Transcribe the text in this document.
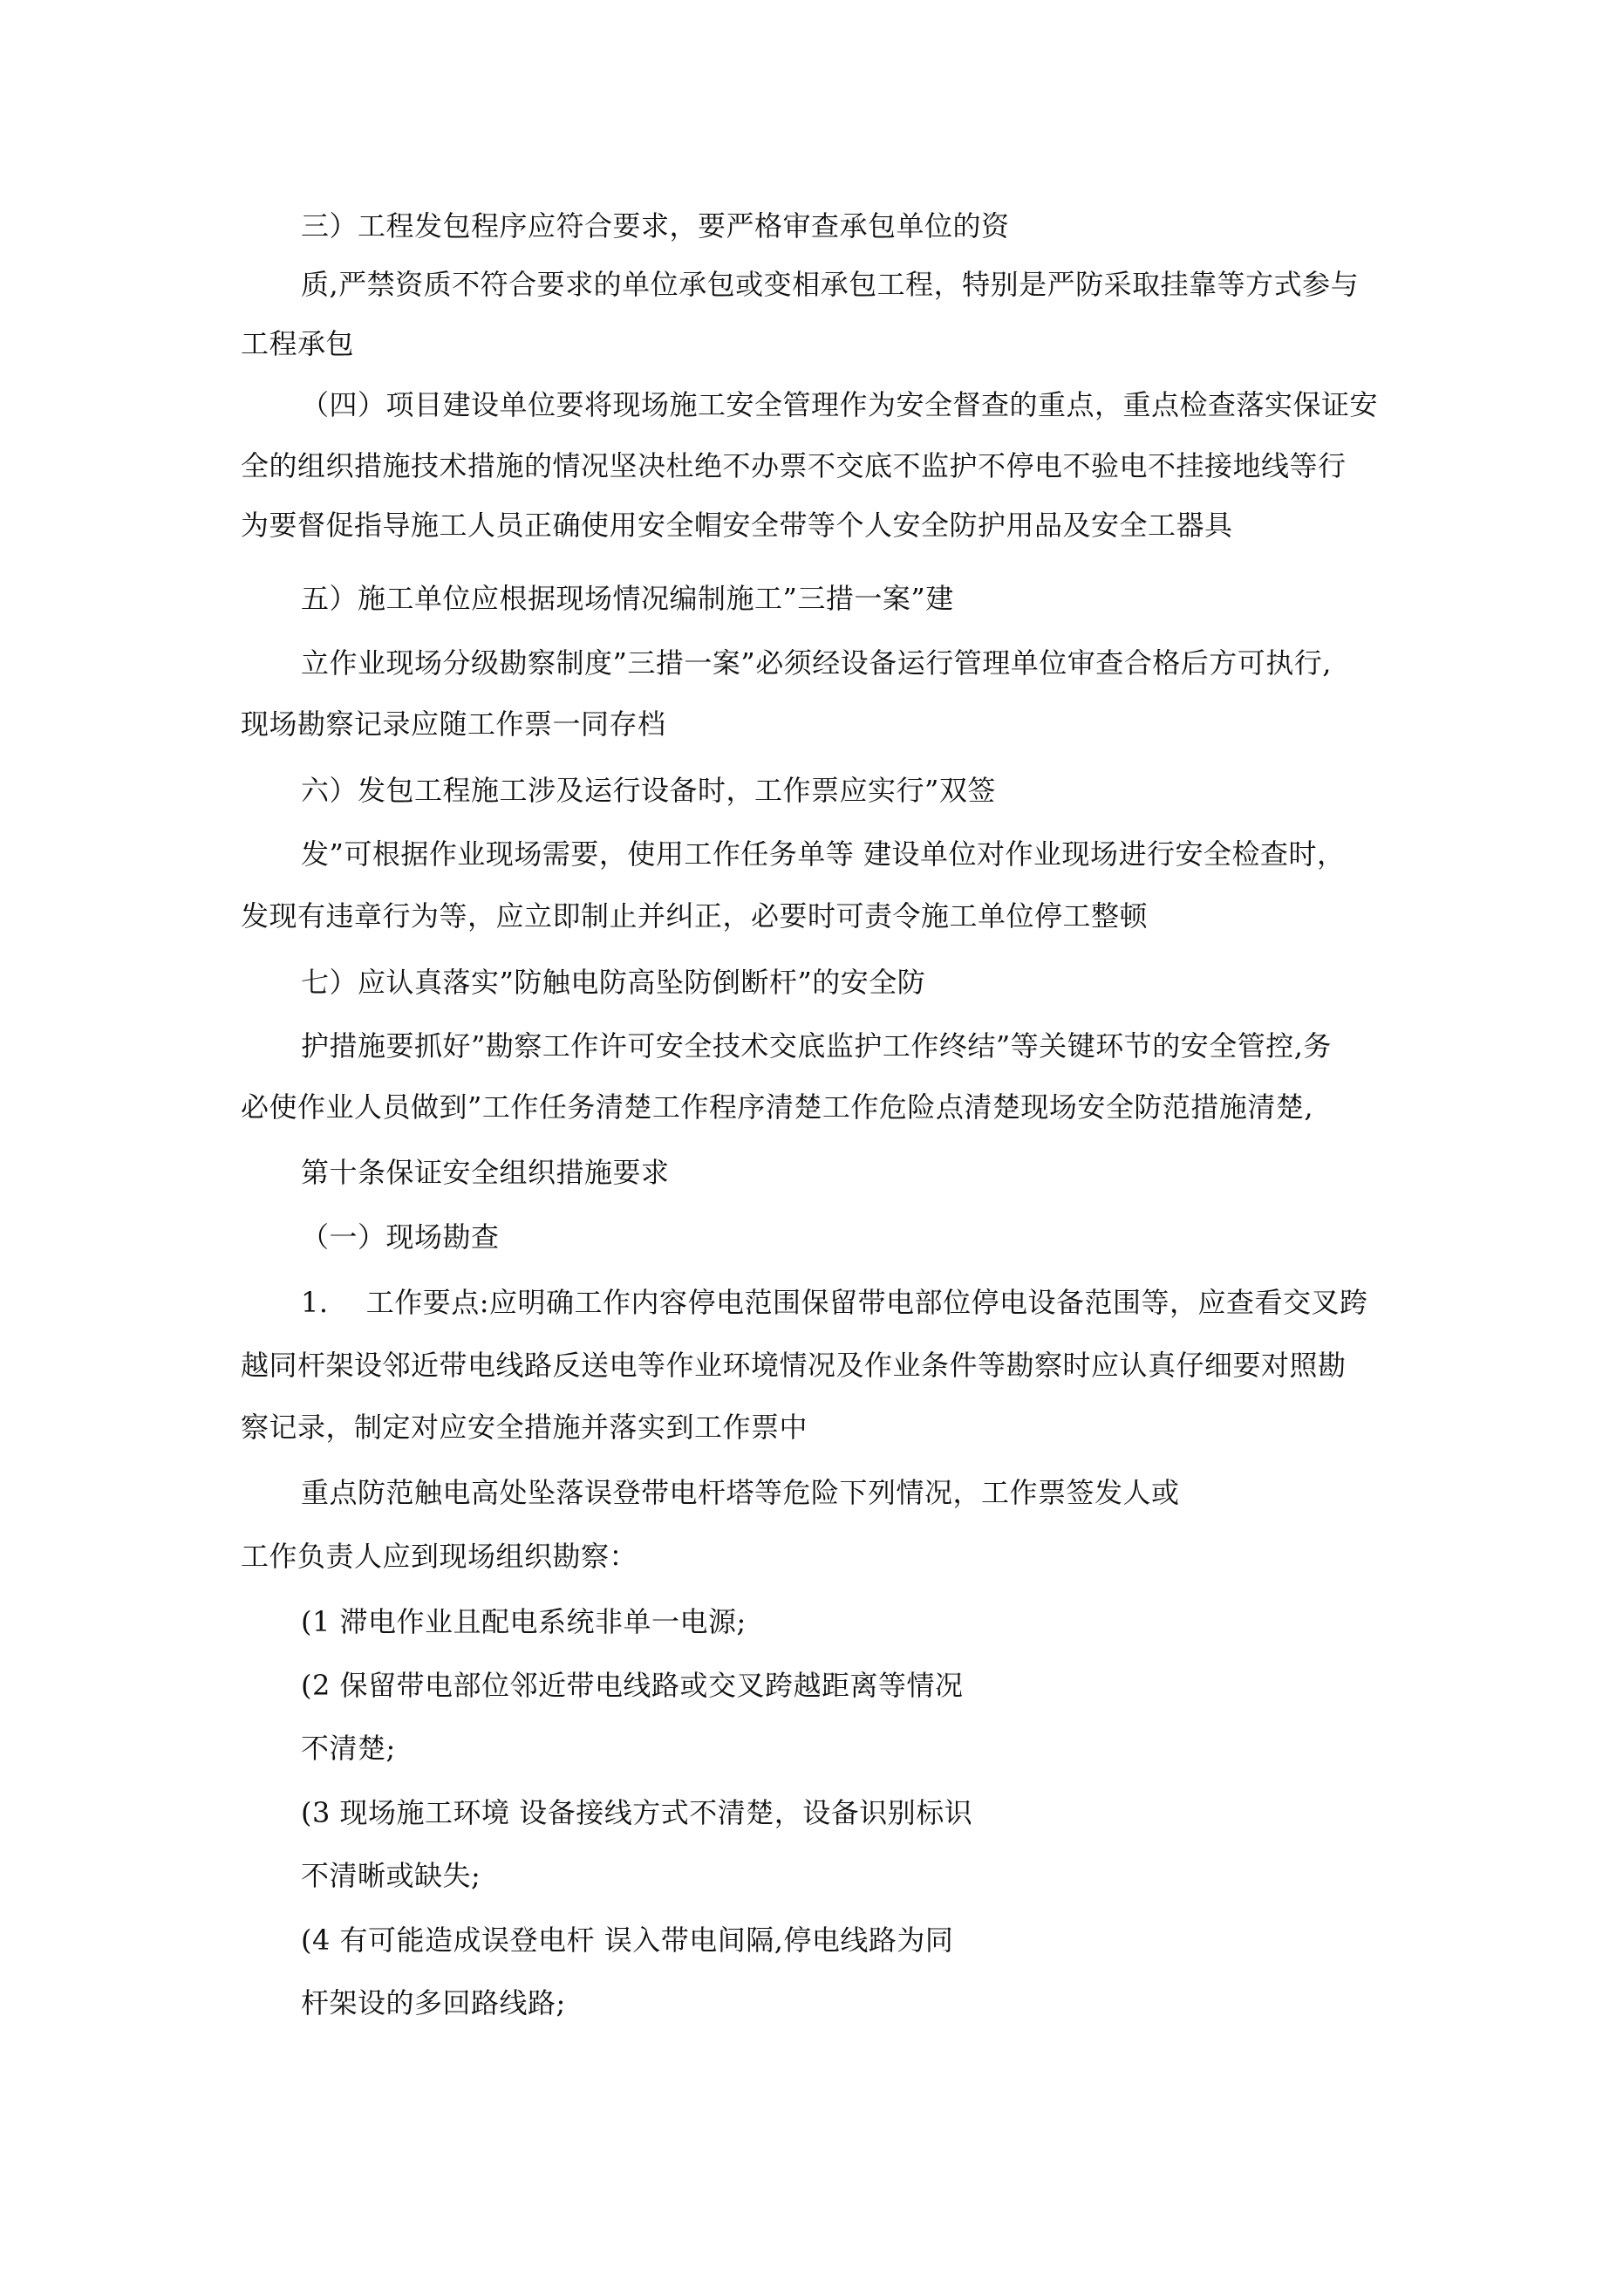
三）工程发包程序应符合要求，要严格审查承包单位的资

质,严禁资质不符合要求的单位承包或变相承包工程，特别是严防采取挂靠等方式参与

工程承包

（四）项目建设单位要将现场施工安全管理作为安全督查的重点，重点检查落实保证安

全的组织措施技术措施的情况坚决杜绝不办票不交底不监护不停电不验电不挂接地线等行

为要督促指导施工人员正确使用安全帽安全带等个人安全防护用品及安全工器具

五）施工单位应根据现场情况编制施工”三措一案”建

立作业现场分级勘察制度”三措一案”必须经设备运行管理单位审查合格后方可执行,

现场勘察记录应随工作票一同存档

六）发包工程施工涉及运行设备时，工作票应实行”双签

发”可根据作业现场需要，使用工作任务单等 建设单位对作业现场进行安全检查时，

发现有违章行为等，应立即制止并纠正，必要时可责令施工单位停工整顿

七）应认真落实”防触电防高坠防倒断杆”的安全防

护措施要抓好”勘察工作许可安全技术交底监护工作终结”等关键环节的安全管控,务

必使作业人员做到”工作任务清楚工作程序清楚工作危险点清楚现场安全防范措施清楚,

第十条保证安全组织措施要求

（一）现场勘查

1.　 工作要点:应明确工作内容停电范围保留带电部位停电设备范围等，应查看交叉跨

越同杆架设邻近带电线路反送电等作业环境情况及作业条件等勘察时应认真仔细要对照勘

察记录，制定对应安全措施并落实到工作票中

重点防范触电高处坠落误登带电杆塔等危险下列情况，工作票签发人或

工作负责人应到现场组织勘察：

(1 滞电作业且配电系统非单一电源;

(2 保留带电部位邻近带电线路或交叉跨越距离等情况

不清楚;

(3 现场施工环境 设备接线方式不清楚，设备识别标识

不清晰或缺失;

(4 有可能造成误登电杆 误入带电间隔,停电线路为同

杆架设的多回路线路;
